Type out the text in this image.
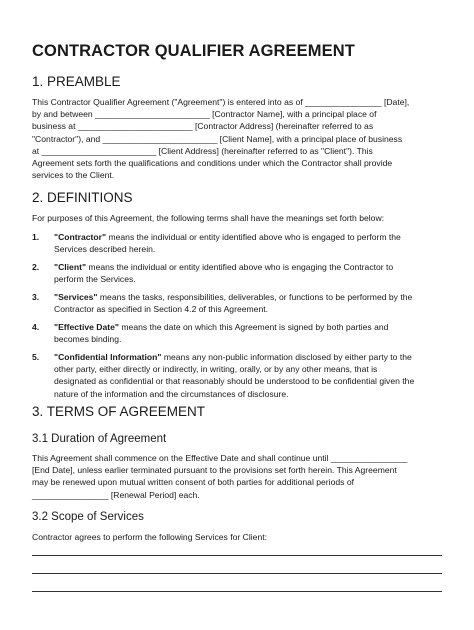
CONTRACTOR QUALIFIER AGREEMENT
1. PREAMBLE
This Contractor Qualifier Agreement ("Agreement") is entered into as of ________________ [Date],
by and between ________________________ [Contractor Name], with a principal place of
business at ________________________ [Contractor Address] (hereinafter referred to as
"Contractor"), and ________________________ [Client Name], with a principal place of business
at ________________________ [Client Address] (hereinafter referred to as "Client"). This
Agreement sets forth the qualifications and conditions under which the Contractor shall provide
services to the Client.
2. DEFINITIONS
For purposes of this Agreement, the following terms shall have the meanings set forth below:
1. "Contractor" means the individual or entity identified above who is engaged to perform the
Services described herein.
2. "Client" means the individual or entity identified above who is engaging the Contractor to
perform the Services.
3. "Services" means the tasks, responsibilities, deliverables, or functions to be performed by the
Contractor as specified in Section 4.2 of this Agreement.
4. "Effective Date" means the date on which this Agreement is signed by both parties and
becomes binding.
5. "Confidential Information" means any non-public information disclosed by either party to the
other party, either directly or indirectly, in writing, orally, or by any other means, that is
designated as confidential or that reasonably should be understood to be confidential given the
nature of the information and the circumstances of disclosure.
3. TERMS OF AGREEMENT
3.1 Duration of Agreement
This Agreement shall commence on the Effective Date and shall continue until ________________
[End Date], unless earlier terminated pursuant to the provisions set forth herein. This Agreement
may be renewed upon mutual written consent of both parties for additional periods of
________________ [Renewal Period] each.
3.2 Scope of Services
Contractor agrees to perform the following Services for Client:
